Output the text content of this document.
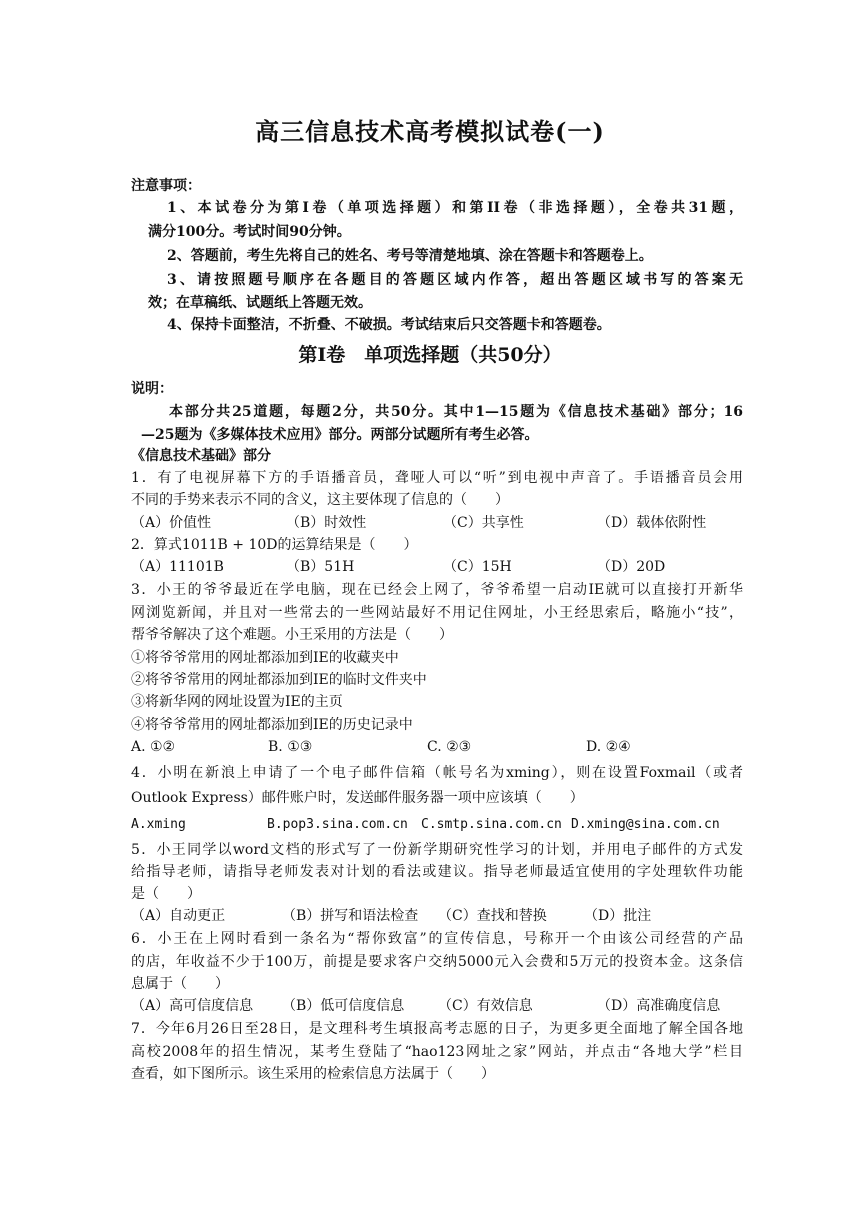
高三信息技术高考模拟试卷(一)
注意事项：
1、本试卷分为第Ⅰ卷（单项选择题）和第II卷（非选择题），全卷共31题，
满分100分。考试时间90分钟。
2、答题前，考生先将自己的姓名、考号等清楚地填、涂在答题卡和答题卷上。
3、请按照题号顺序在各题目的答题区域内作答，超出答题区域书写的答案无
效；在草稿纸、试题纸上答题无效。
4、保持卡面整洁，不折叠、不破损。考试结束后只交答题卡和答题卷。
第Ⅰ卷　单项选择题（共50分）
说明：
本部分共25道题，每题2分，共50分。其中1—15题为《信息技术基础》部分；16
—25题为《多媒体技术应用》部分。两部分试题所有考生必答。
《信息技术基础》部分
1．有了电视屏幕下方的手语播音员，聋哑人可以“听”到电视中声音了。手语播音员会用
不同的手势来表示不同的含义，这主要体现了信息的（　　）
（A）价值性	（B）时效性	（C）共享性	（D）载体依附性
2．算式1011B + 10D的运算结果是（　　）
（A）11101B	（B）51H	（C）15H	（D）20D
3．小王的爷爷最近在学电脑，现在已经会上网了，爷爷希望一启动IE就可以直接打开新华
网浏览新闻，并且对一些常去的一些网站最好不用记住网址，小王经思索后，略施小“技”，
帮爷爷解决了这个难题。小王采用的方法是（　　）
①将爷爷常用的网址都添加到IE的收藏夹中
②将爷爷常用的网址都添加到IE的临时文件夹中
③将新华网的网址设置为IE的主页
④将爷爷常用的网址都添加到IE的历史记录中
A. ①②	B. ①③	C. ②③	D. ②④
4．小明在新浪上申请了一个电子邮件信箱（帐号名为xming），则在设置Foxmail（或者
Outlook Express）邮件账户时，发送邮件服务器一项中应该填（　　）
A.xming	B.pop3.sina.com.cn C.smtp.sina.com.cn D.xming@sina.com.cn
5．小王同学以word文档的形式写了一份新学期研究性学习的计划，并用电子邮件的方式发
给指导老师，请指导老师发表对计划的看法或建议。指导老师最适宜使用的字处理软件功能
是（　　）
（A）自动更正	（B）拼写和语法检查 （C）查找和替换	（D）批注
6．小王在上网时看到一条名为“帮你致富”的宣传信息，号称开一个由该公司经营的产品
的店，年收益不少于100万，前提是要求客户交纳5000元入会费和5万元的投资本金。这条信
息属于（　　）
（A）高可信度信息 （B）低可信度信息 （C）有效信息	（D）高准确度信息
7．今年6月26日至28日，是文理科考生填报高考志愿的日子，为更多更全面地了解全国各地
高校2008年的招生情况，某考生登陆了“hao123网址之家”网站，并点击“各地大学”栏目
查看，如下图所示。该生采用的检索信息方法属于（　　）
